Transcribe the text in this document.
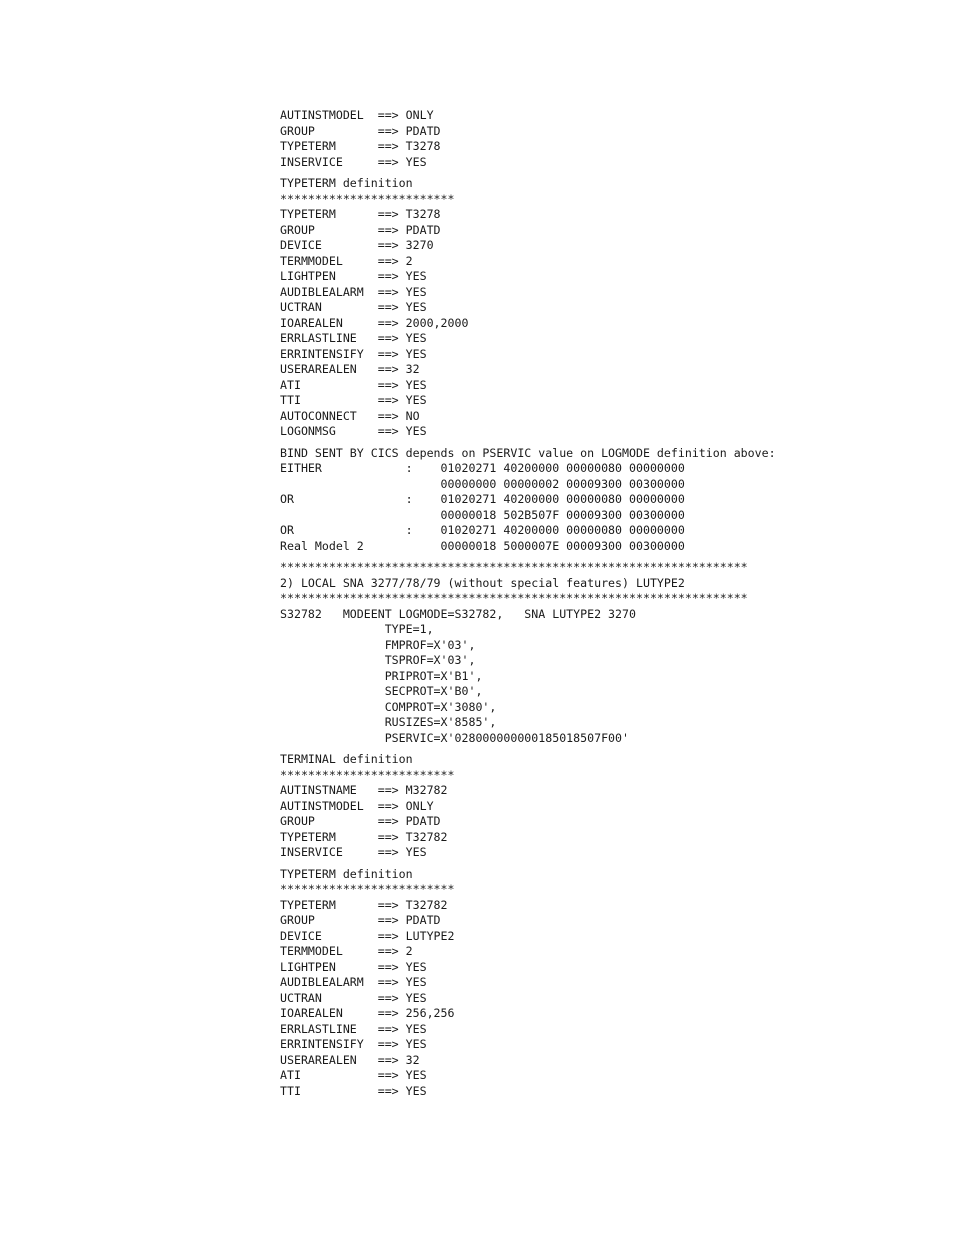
AUTINSTMODEL  ==> ONLY
GROUP         ==> PDATD
TYPETERM      ==> T3278
INSERVICE     ==> YES
TYPETERM definition
*************************
TYPETERM      ==> T3278
GROUP         ==> PDATD
DEVICE        ==> 3270
TERMMODEL     ==> 2
LIGHTPEN      ==> YES
AUDIBLEALARM  ==> YES
UCTRAN        ==> YES
IOAREALEN     ==> 2000,2000
ERRLASTLINE   ==> YES
ERRINTENSIFY  ==> YES
USERAREALEN   ==> 32
ATI           ==> YES
TTI           ==> YES
AUTOCONNECT   ==> NO
LOGONMSG      ==> YES
BIND SENT BY CICS depends on PSERVIC value on LOGMODE definition above:
EITHER            :    01020271 40200000 00000080 00000000
00000000 00000002 00009300 00300000
OR                :    01020271 40200000 00000080 00000000
00000018 502B507F 00009300 00300000
OR                :    01020271 40200000 00000080 00000000
Real Model 2           00000018 5000007E 00009300 00300000
*******************************************************************
2) LOCAL SNA 3277/78/79 (without special features) LUTYPE2
*******************************************************************
S32782   MODEENT LOGMODE=S32782,   SNA LUTYPE2 3270
TYPE=1,
FMPROF=X'03',
TSPROF=X'03',
PRIPROT=X'B1',
SECPROT=X'B0',
COMPROT=X'3080',
RUSIZES=X'8585',
PSERVIC=X'028000000000185018507F00'
TERMINAL definition
*************************
AUTINSTNAME   ==> M32782
AUTINSTMODEL  ==> ONLY
GROUP         ==> PDATD
TYPETERM      ==> T32782
INSERVICE     ==> YES
TYPETERM definition
*************************
TYPETERM      ==> T32782
GROUP         ==> PDATD
DEVICE        ==> LUTYPE2
TERMMODEL     ==> 2
LIGHTPEN      ==> YES
AUDIBLEALARM  ==> YES
UCTRAN        ==> YES
IOAREALEN     ==> 256,256
ERRLASTLINE   ==> YES
ERRINTENSIFY  ==> YES
USERAREALEN   ==> 32
ATI           ==> YES
TTI           ==> YES
